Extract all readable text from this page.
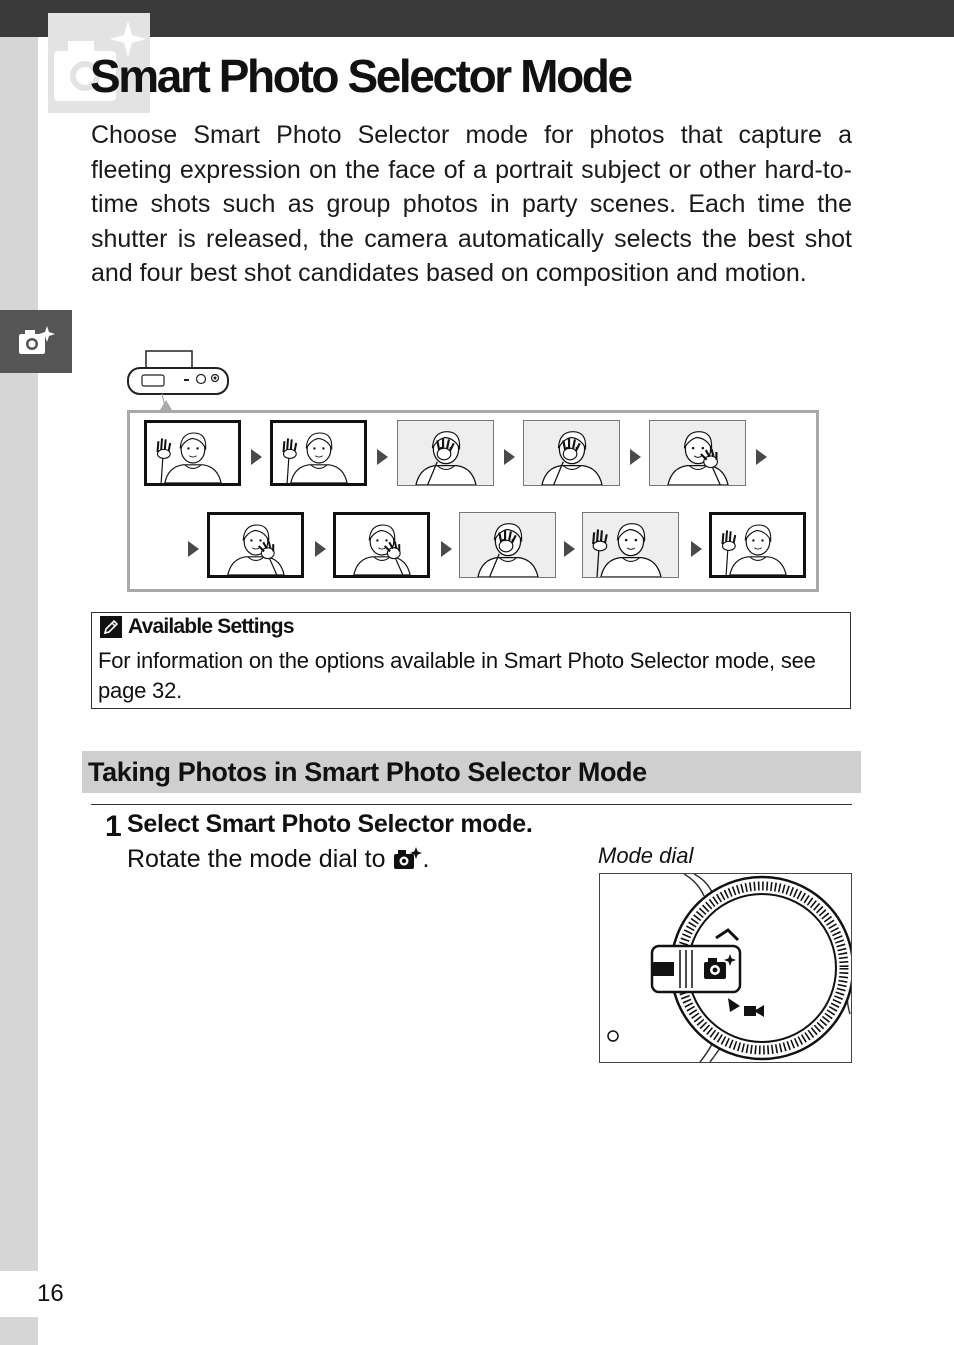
Smart Photo Selector Mode

Choose Smart Photo Selector mode for photos that capture a fleeting expression on the face of a portrait subject or other hard-to-time shots such as group photos in party scenes. Each time the shutter is released, the camera automatically selects the best shot and four best shot candidates based on composition and motion.

Available Settings

For information on the options available in Smart Photo Selector mode, see page 32.

Taking Photos in Smart Photo Selector Mode
1 Select Smart Photo Selector mode.
Rotate the mode dial to .	Mode dial
16
